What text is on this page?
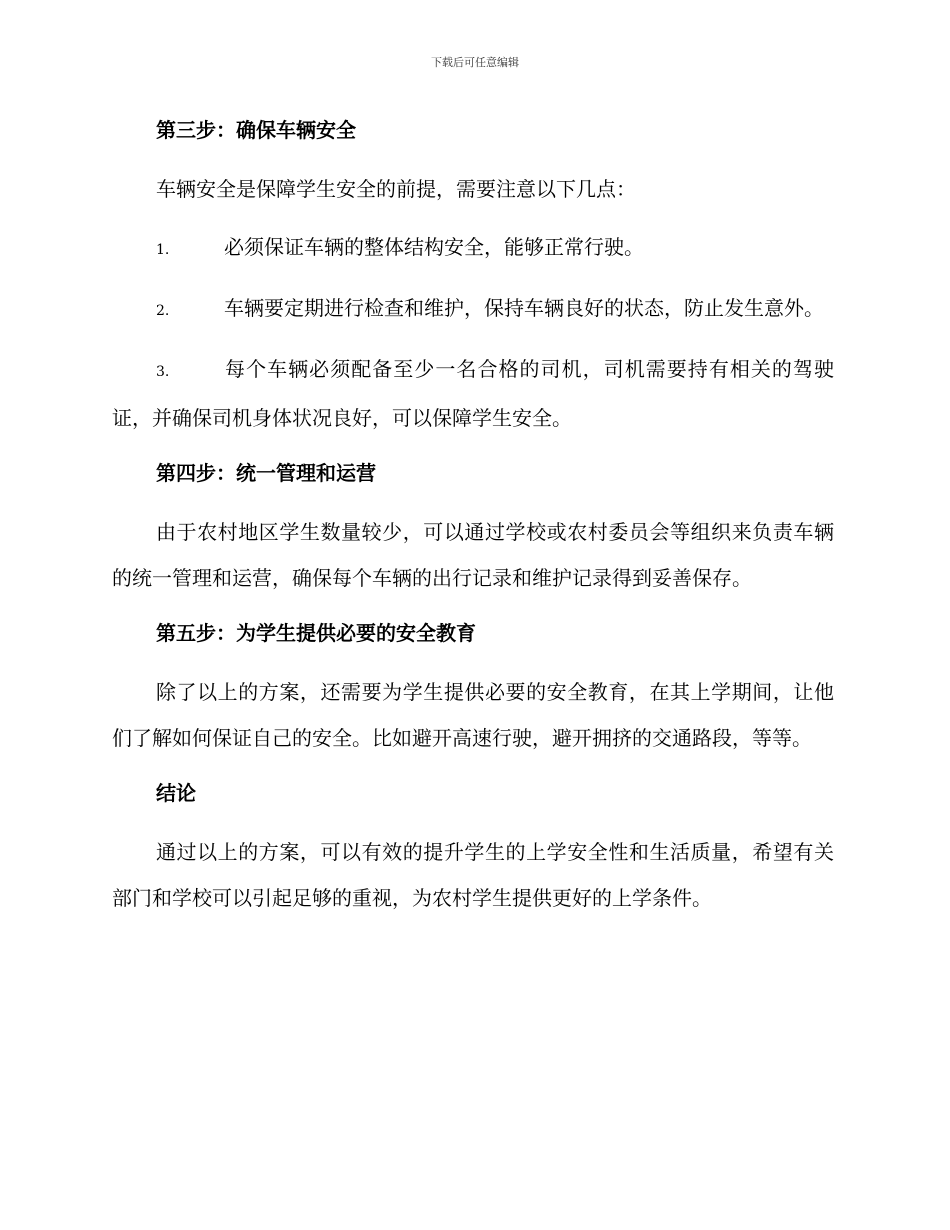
下载后可任意编辑
第三步：确保车辆安全
车辆安全是保障学生安全的前提，需要注意以下几点：
1.	必须保证车辆的整体结构安全，能够正常行驶。
2.	车辆要定期进行检查和维护，保持车辆良好的状态，防止发生意外。
3.	每个车辆必须配备至少一名合格的司机，司机需要持有相关的驾驶证，并确保司机身体状况良好，可以保障学生安全。
第四步：统一管理和运营
由于农村地区学生数量较少，可以通过学校或农村委员会等组织来负责车辆的统一管理和运营，确保每个车辆的出行记录和维护记录得到妥善保存。
第五步：为学生提供必要的安全教育
除了以上的方案，还需要为学生提供必要的安全教育，在其上学期间，让他们了解如何保证自己的安全。比如避开高速行驶，避开拥挤的交通路段，等等。
结论
通过以上的方案，可以有效的提升学生的上学安全性和生活质量，希望有关部门和学校可以引起足够的重视，为农村学生提供更好的上学条件。
